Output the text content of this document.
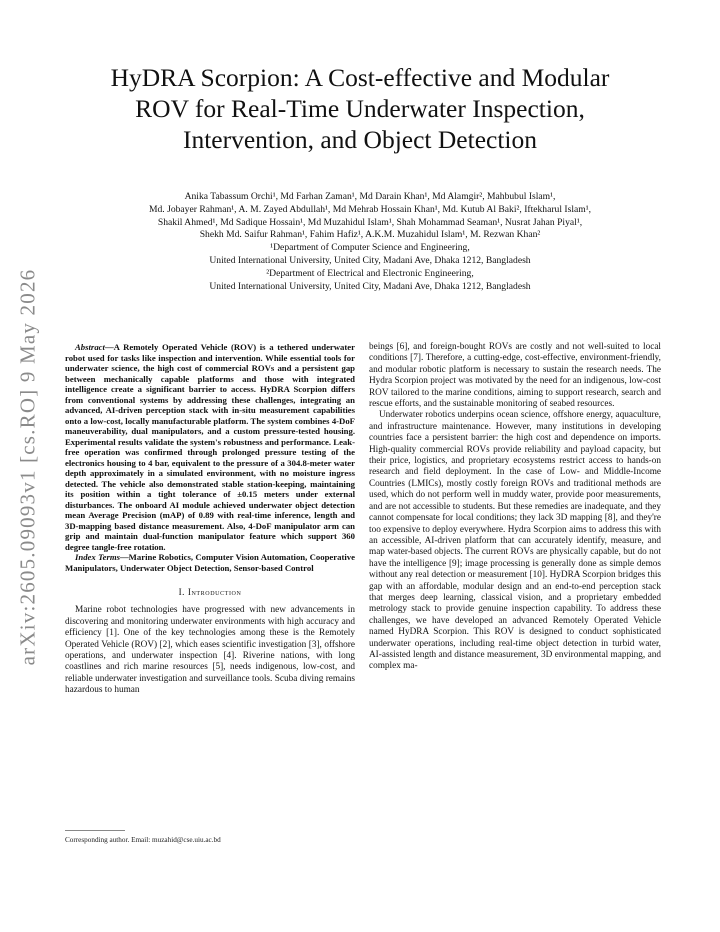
arXiv:2605.09093v1 [cs.RO] 9 May 2026
HyDRA Scorpion: A Cost-effective and Modular
ROV for Real-Time Underwater Inspection,
Intervention, and Object Detection
Anika Tabassum Orchi¹, Md Farhan Zaman¹, Md Darain Khan¹, Md Alamgir², Mahbubul Islam¹,
Md. Jobayer Rahman¹, A. M. Zayed Abdullah¹, Md Mehrab Hossain Khan¹, Md. Kutub Al Baki², Iftekharul Islam¹,
Shakil Ahmed¹, Md Sadique Hossain¹, Md Muzahidul Islam¹, Shah Mohammad Seaman¹, Nusrat Jahan Piyal¹,
Shekh Md. Saifur Rahman¹, Fahim Hafiz¹, A.K.M. Muzahidul Islam¹, M. Rezwan Khan²
¹Department of Computer Science and Engineering,
United International University, United City, Madani Ave, Dhaka 1212, Bangladesh
²Department of Electrical and Electronic Engineering,
United International University, United City, Madani Ave, Dhaka 1212, Bangladesh

Abstract—A Remotely Operated Vehicle (ROV) is a tethered underwater robot used for tasks like inspection and intervention. While essential tools for underwater science, the high cost of commercial ROVs and a persistent gap between mechanically capable platforms and those with integrated intelligence create a significant barrier to access. HyDRA Scorpion differs from conventional systems by addressing these challenges, integrating an advanced, AI-driven perception stack with in-situ measurement capabilities onto a low-cost, locally manufacturable platform. The system combines 4-DoF maneuverability, dual manipulators, and a custom pressure-tested housing. Experimental results validate the system's robustness and performance. Leak-free operation was confirmed through prolonged pressure testing of the electronics housing to 4 bar, equivalent to the pressure of a 304.8-meter water depth approximately in a simulated environment, with no moisture ingress detected. The vehicle also demonstrated stable station-keeping, maintaining its position within a tight tolerance of ±0.15 meters under external disturbances. The onboard AI module achieved underwater object detection mean Average Precision (mAP) of 0.89 with real-time inference, length and 3D-mapping based distance measurement. Also, 4-DoF manipulator arm can grip and maintain dual-function manipulator feature which support 360 degree tangle-free rotation.

Index Terms—Marine Robotics, Computer Vision Automation, Cooperative Manipulators, Underwater Object Detection, Sensor-based Control

I. Introduction

Marine robot technologies have progressed with new advancements in discovering and monitoring underwater environments with high accuracy and efficiency [1]. One of the key technologies among these is the Remotely Operated Vehicle (ROV) [2], which eases scientific investigation [3], offshore operations, and underwater inspection [4]. Riverine nations, with long coastlines and rich marine resources [5], needs indigenous, low-cost, and reliable underwater investigation and surveillance tools. Scuba diving remains hazardous to human

beings [6], and foreign-bought ROVs are costly and not well-suited to local conditions [7]. Therefore, a cutting-edge, cost-effective, environment-friendly, and modular robotic platform is necessary to sustain the research needs. The Hydra Scorpion project was motivated by the need for an indigenous, low-cost ROV tailored to the marine conditions, aiming to support research, search and rescue efforts, and the sustainable monitoring of seabed resources.

Underwater robotics underpins ocean science, offshore energy, aquaculture, and infrastructure maintenance. However, many institutions in developing countries face a persistent barrier: the high cost and dependence on imports. High-quality commercial ROVs provide reliability and payload capacity, but their price, logistics, and proprietary ecosystems restrict access to hands-on research and field deployment. In the case of Low- and Middle-Income Countries (LMICs), mostly costly foreign ROVs and traditional methods are used, which do not perform well in muddy water, provide poor measurements, and are not accessible to students. But these remedies are inadequate, and they cannot compensate for local conditions; they lack 3D mapping [8], and they're too expensive to deploy everywhere. Hydra Scorpion aims to address this with an accessible, AI-driven platform that can accurately identify, measure, and map water-based objects. The current ROVs are physically capable, but do not have the intelligence [9]; image processing is generally done as simple demos without any real detection or measurement [10]. HyDRA Scorpion bridges this gap with an affordable, modular design and an end-to-end perception stack that merges deep learning, classical vision, and a proprietary embedded metrology stack to provide genuine inspection capability. To address these challenges, we have developed an advanced Remotely Operated Vehicle named HyDRA Scorpion. This ROV is designed to conduct sophisticated underwater operations, including real-time object detection in turbid water, AI-assisted length and distance measurement, 3D environmental mapping, and complex ma-

Corresponding author. Email: muzahid@cse.uiu.ac.bd
